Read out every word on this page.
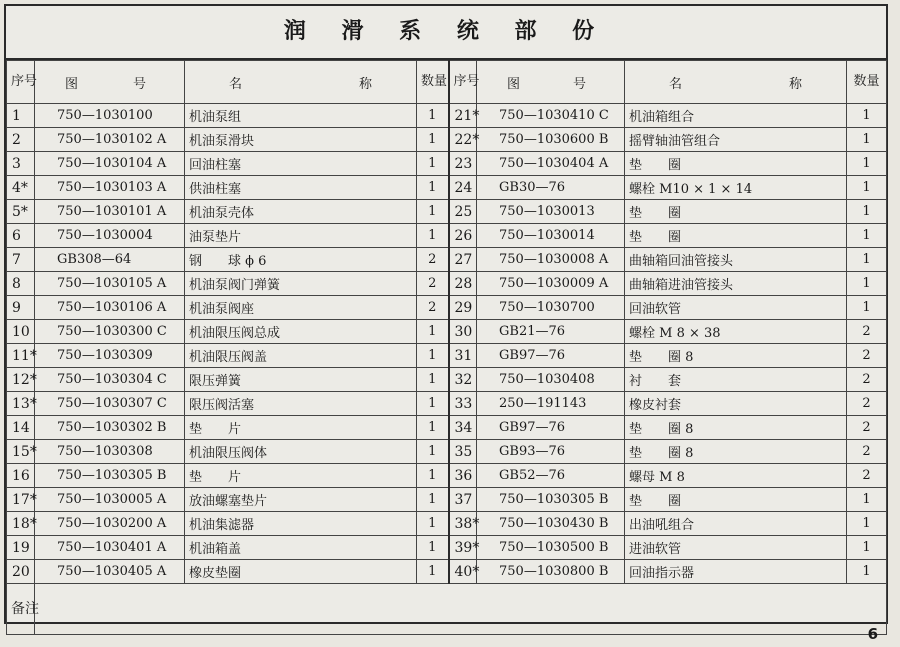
润 滑 系 统 部 份
序号	图 号	名 称	数量	序号	图 号	名 称	数量
1	750—1030100	机油泵组	1	21*	750—1030410 C	机油箱组合	1
2	750—1030102 A	机油泵滑块	1	22*	750—1030600 B	摇臂轴油管组合	1
3	750—1030104 A	回油柱塞	1	23	750—1030404 A	垫　　圈	1
4*	750—1030103 A	供油柱塞	1	24	GB30—76	螺栓 M10 × 1 × 14	1
5*	750—1030101 A	机油泵壳体	1	25	750—1030013	垫　　圈	1
6	750—1030004	油泵垫片	1	26	750—1030014	垫　　圈	1
7	GB308—64	钢　　球 ϕ 6	2	27	750—1030008 A	曲轴箱回油管接头	1
8	750—1030105 A	机油泵阀门弹簧	2	28	750—1030009 A	曲轴箱进油管接头	1
9	750—1030106 A	机油泵阀座	2	29	750—1030700	回油软管	1
10	750—1030300 C	机油限压阀总成	1	30	GB21—76	螺栓 M 8 × 38	2
11*	750—1030309	机油限压阀盖	1	31	GB97—76	垫　　圈 8	2
12*	750—1030304 C	限压弹簧	1	32	750—1030408	衬　　套	2
13*	750—1030307 C	限压阀活塞	1	33	250—191143	橡皮衬套	2
14	750—1030302 B	垫　　片	1	34	GB97—76	垫　　圈 8	2
15*	750—1030308	机油限压阀体	1	35	GB93—76	垫　　圈 8	2
16	750—1030305 B	垫　　片	1	36	GB52—76	螺母 M 8	2
17*	750—1030005 A	放油螺塞垫片	1	37	750—1030305 B	垫　　圈	1
18*	750—1030200 A	机油集滤器	1	38*	750—1030430 B	出油吼组合	1
19	750—1030401 A	机油箱盖	1	39*	750—1030500 B	进油软管	1
20	750—1030405 A	橡皮垫圈	1	40*	750—1030800 B	回油指示器	1
备注							
6
